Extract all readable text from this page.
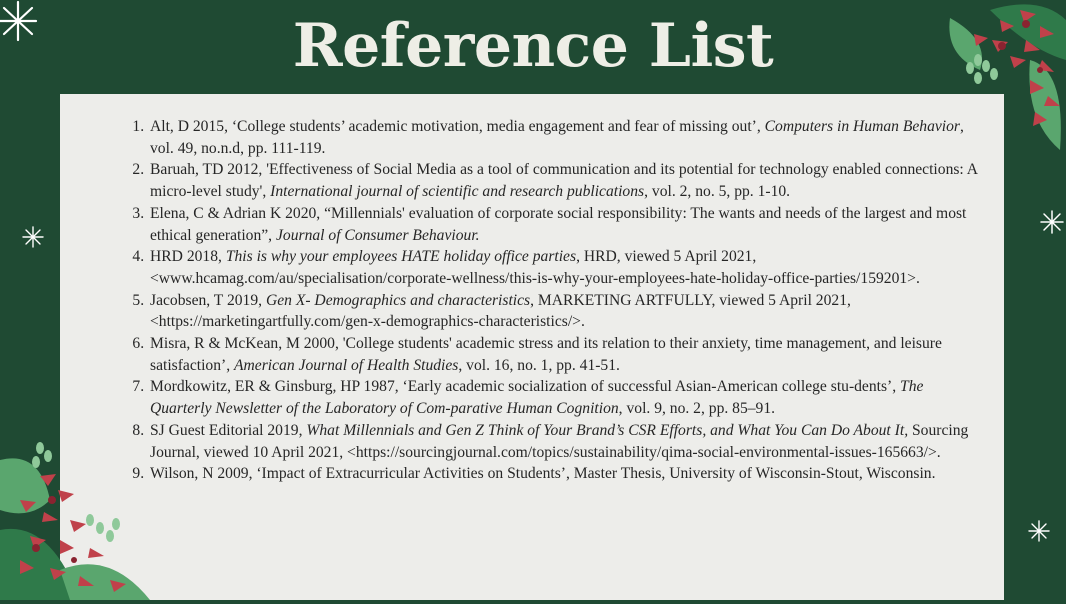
Reference List
1. Alt, D 2015, ‘College students’ academic motivation, media engagement and fear of missing out’, Computers in Human Behavior, vol. 49, no.n.d, pp. 111-119.
2. Baruah, TD 2012, 'Effectiveness of Social Media as a tool of communication and its potential for technology enabled connections: A micro-level study', International journal of scientific and research publications, vol. 2, no. 5, pp. 1-10.
3. Elena, C & Adrian K 2020, “Millennials' evaluation of corporate social responsibility: The wants and needs of the largest and most ethical generation”, Journal of Consumer Behaviour.
4. HRD 2018, This is why your employees HATE holiday office parties, HRD, viewed 5 April 2021, <www.hcamag.com/au/specialisation/corporate-wellness/this-is-why-your-employees-hate-holiday-office-parties/159201>.
5. Jacobsen, T 2019, Gen X- Demographics and characteristics, MARKETING ARTFULLY, viewed 5 April 2021, <https://marketingartfully.com/gen-x-demographics-characteristics/>.
6. Misra, R & McKean, M 2000, 'College students' academic stress and its relation to their anxiety, time management, and leisure satisfaction’, American Journal of Health Studies, vol. 16, no. 1, pp. 41-51.
7. Mordkowitz, ER & Ginsburg, HP 1987, ‘Early academic socialization of successful Asian-American college stu-dents’, The Quarterly Newsletter of the Laboratory of Com-parative Human Cognition, vol. 9, no. 2, pp. 85–91.
8. SJ Guest Editorial 2019, What Millennials and Gen Z Think of Your Brand’s CSR Efforts, and What You Can Do About It, Sourcing Journal, viewed 10 April 2021, <https://sourcingjournal.com/topics/sustainability/qima-social-environmental-issues-165663/>.
9. Wilson, N 2009, ‘Impact of Extracurricular Activities on Students’, Master Thesis, University of Wisconsin-Stout, Wisconsin.
